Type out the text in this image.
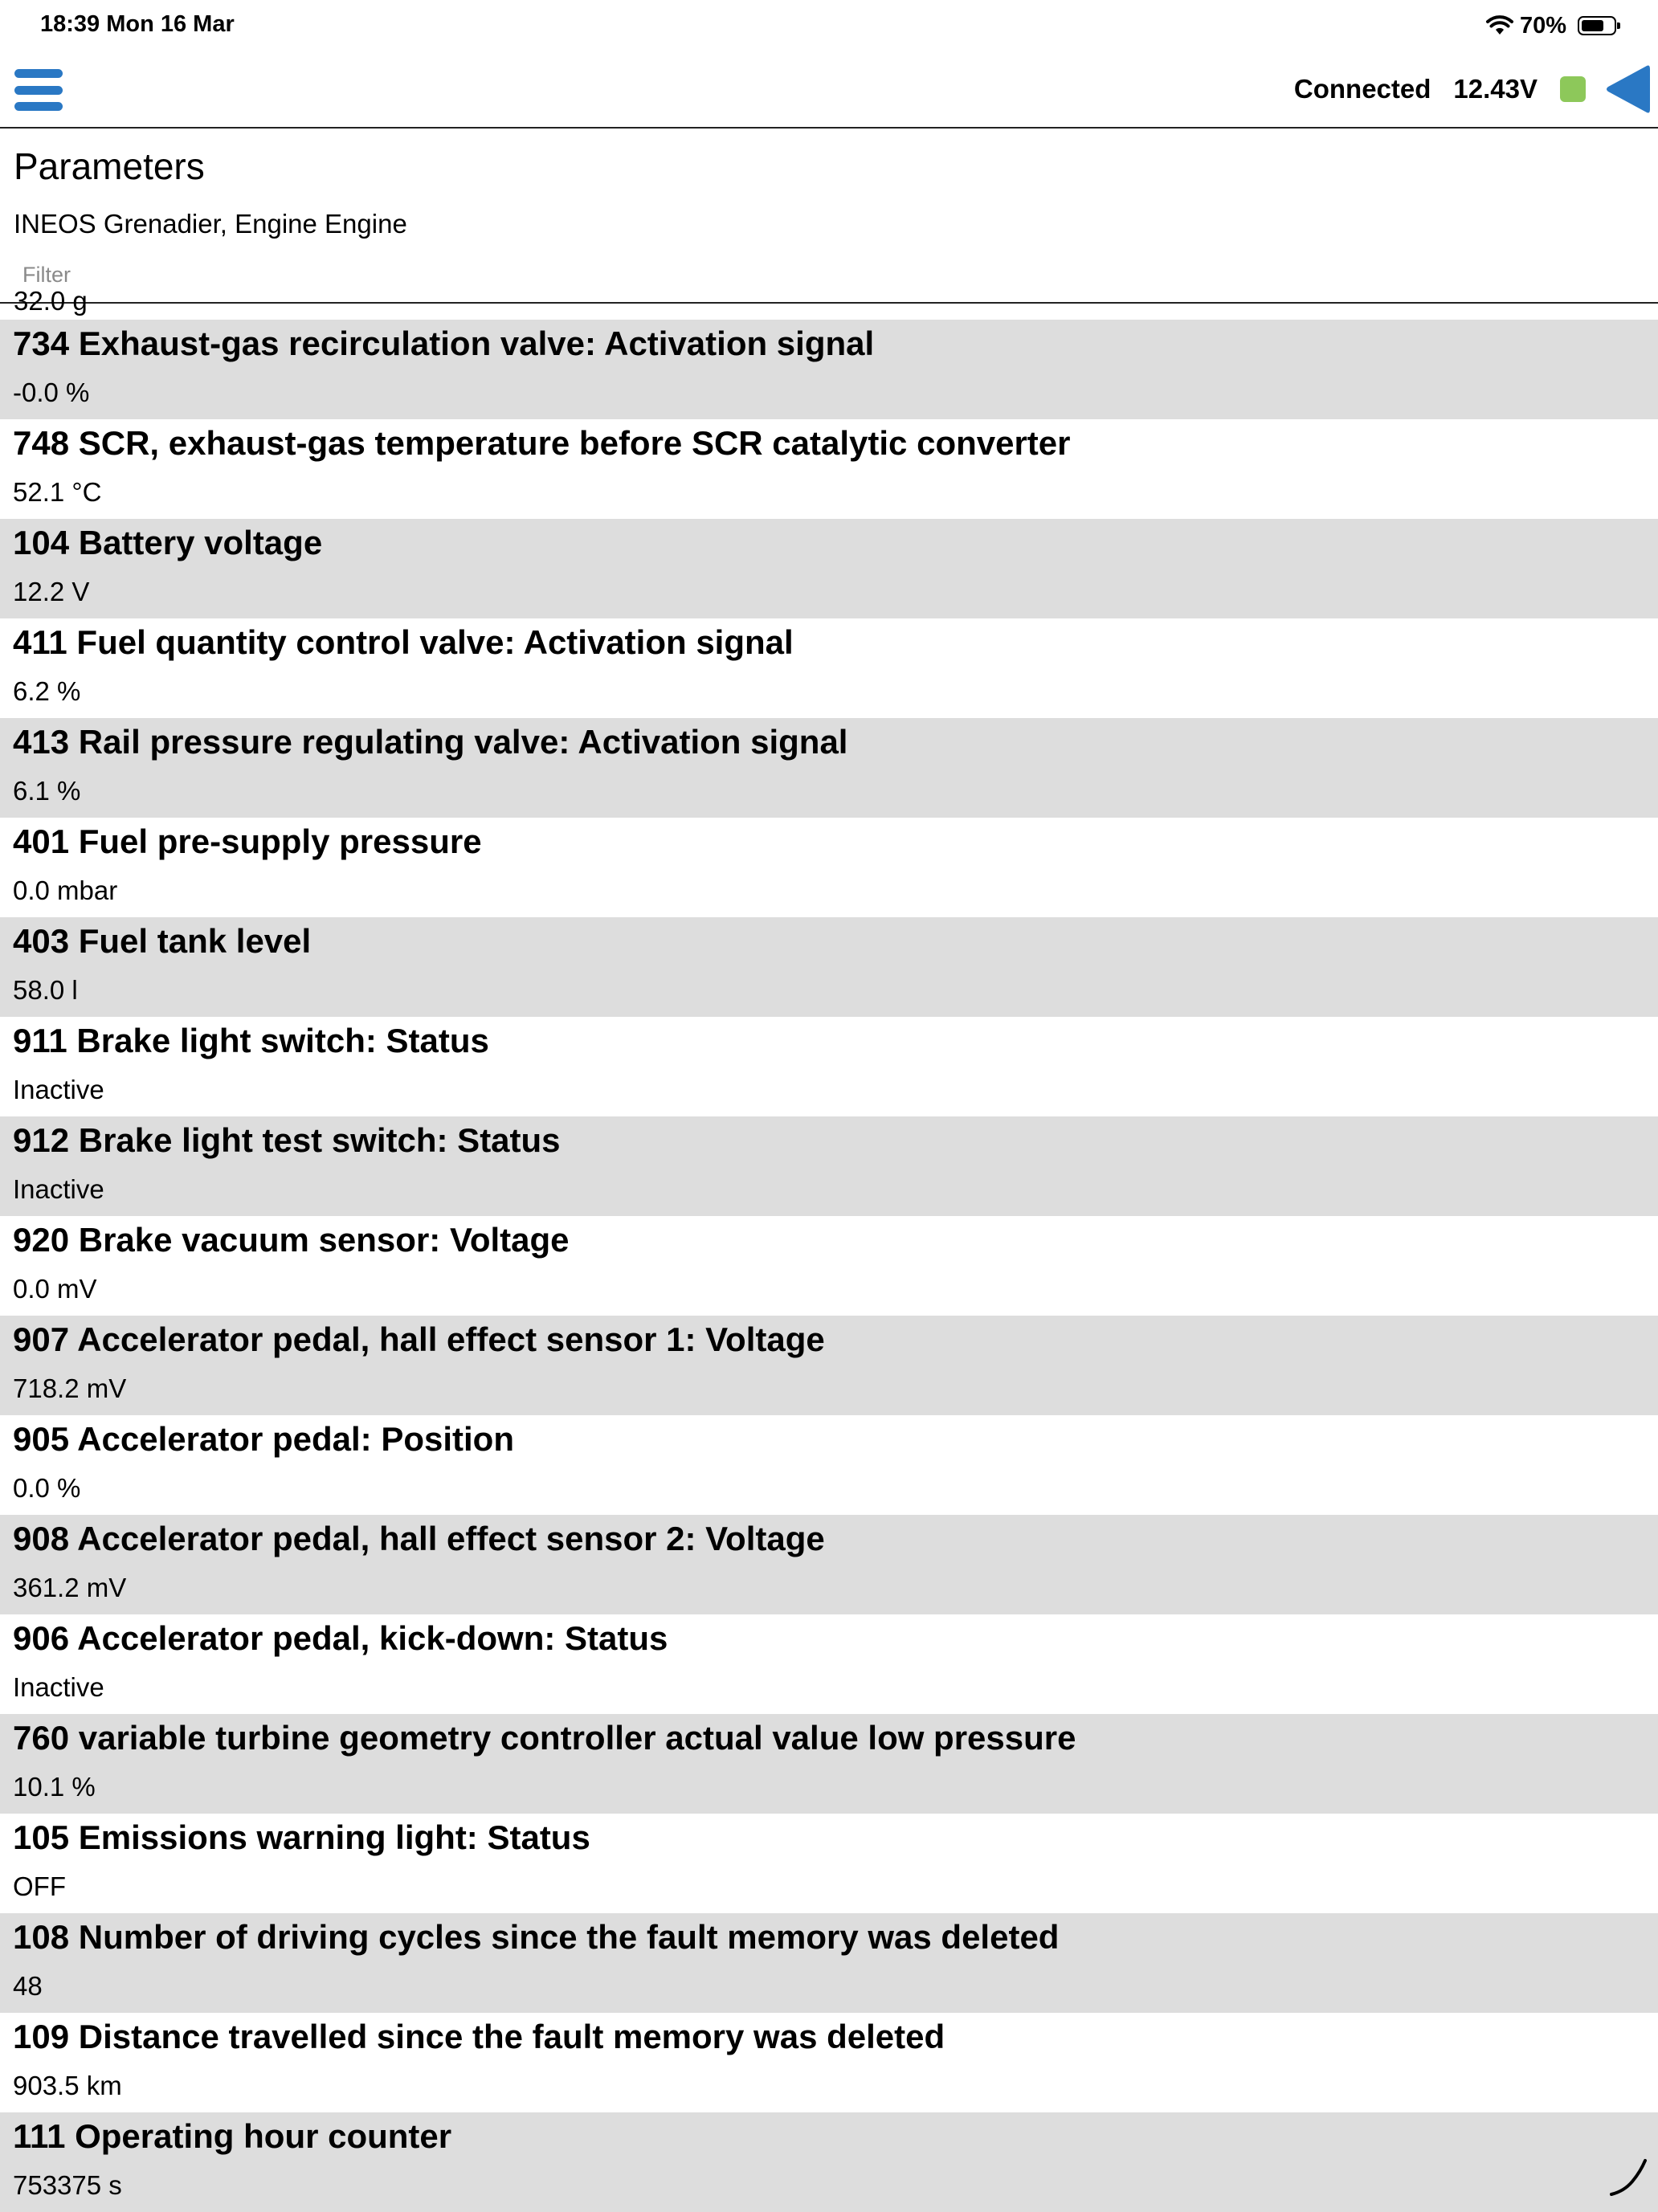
18:39 Mon 16 Mar	70%
Connected 12.43V
Parameters
INEOS Grenadier, Engine Engine
Filter
32.0 g
734 Exhaust-gas recirculation valve: Activation signal
-0.0 %
748 SCR, exhaust-gas temperature before SCR catalytic converter
52.1 °C
104 Battery voltage
12.2 V
411 Fuel quantity control valve: Activation signal
6.2 %
413 Rail pressure regulating valve: Activation signal
6.1 %
401 Fuel pre-supply pressure
0.0 mbar
403 Fuel tank level
58.0 l
911 Brake light switch: Status
Inactive
912 Brake light test switch: Status
Inactive
920 Brake vacuum sensor: Voltage
0.0 mV
907 Accelerator pedal, hall effect sensor 1: Voltage
718.2 mV
905 Accelerator pedal: Position
0.0 %
908 Accelerator pedal, hall effect sensor 2: Voltage
361.2 mV
906 Accelerator pedal, kick-down: Status
Inactive
760 variable turbine geometry controller actual value low pressure
10.1 %
105 Emissions warning light: Status
OFF
108 Number of driving cycles since the fault memory was deleted
48
109 Distance travelled since the fault memory was deleted
903.5 km
111 Operating hour counter
753375 s
